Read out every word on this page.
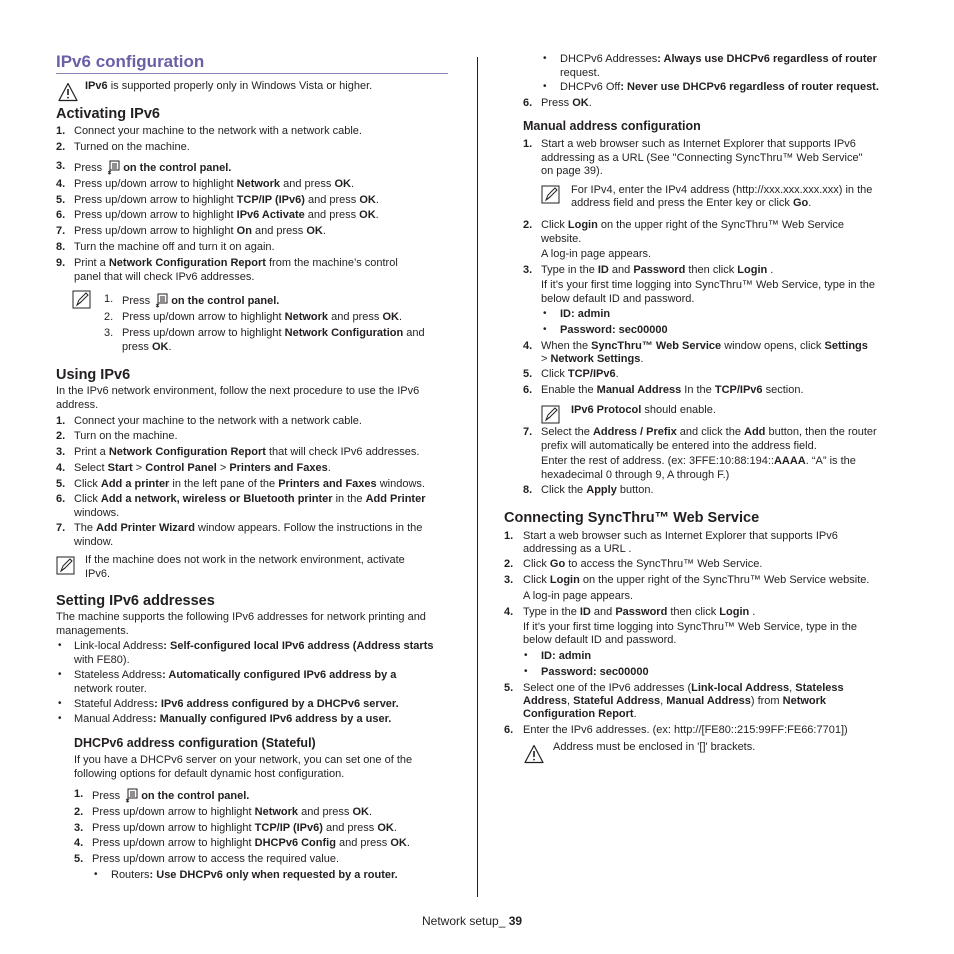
IPv6 configuration
IPv6 is supported properly only in Windows Vista or higher.
Activating IPv6
1. Connect your machine to the network with a network cable.
2. Turned on the machine.
3. Press on the control panel.
4. Press up/down arrow to highlight Network and press OK.
5. Press up/down arrow to highlight TCP/IP (IPv6) and press OK.
6. Press up/down arrow to highlight IPv6 Activate and press OK.
7. Press up/down arrow to highlight On and press OK.
8. Turn the machine off and turn it on again.
9. Print a Network Configuration Report from the machine’s control
panel that will check IPv6 addresses.
1. Press on the control panel.
2. Press up/down arrow to highlight Network and press OK.
3. Press up/down arrow to highlight Network Configuration and
press OK.
Using IPv6
In the IPv6 network environment, follow the next procedure to use the IPv6
address.
1. Connect your machine to the network with a network cable.
2. Turn on the machine.
3. Print a Network Configuration Report that will check IPv6 addresses.
4. Select Start > Control Panel > Printers and Faxes.
5. Click Add a printer in the left pane of the Printers and Faxes windows.
6. Click Add a network, wireless or Bluetooth printer in the Add Printer
windows.
7. The Add Printer Wizard window appears. Follow the instructions in the
window.
If the machine does not work in the network environment, activate
IPv6.
Setting IPv6 addresses
The machine supports the following IPv6 addresses for network printing and
managements.
• Link-local Address: Self-configured local IPv6 address (Address starts
with FE80).
• Stateless Address: Automatically configured IPv6 address by a
network router.
• Stateful Address: IPv6 address configured by a DHCPv6 server.
• Manual Address: Manually configured IPv6 address by a user.
DHCPv6 address configuration (Stateful)
If you have a DHCPv6 server on your network, you can set one of the
following options for default dynamic host configuration.
1. Press on the control panel.
2. Press up/down arrow to highlight Network and press OK.
3. Press up/down arrow to highlight TCP/IP (IPv6) and press OK.
4. Press up/down arrow to highlight DHCPv6 Config and press OK.
5. Press up/down arrow to access the required value.
• Routers: Use DHCPv6 only when requested by a router.
• DHCPv6 Addresses: Always use DHCPv6 regardless of router
request.
• DHCPv6 Off: Never use DHCPv6 regardless of router request.
6. Press OK.
Manual address configuration
1. Start a web browser such as Internet Explorer that supports IPv6
addressing as a URL (See "Connecting SyncThru™ Web Service"
on page 39).
For IPv4, enter the IPv4 address (http://xxx.xxx.xxx.xxx) in the
address field and press the Enter key or click Go.
2. Click Login on the upper right of the SyncThru™ Web Service
website.
A log-in page appears.
3. Type in the ID and Password then click Login .
If it’s your first time logging into SyncThru™ Web Service, type in the
below default ID and password.
• ID: admin
• Password: sec00000
4. When the SyncThru™ Web Service window opens, click Settings
> Network Settings.
5. Click TCP/IPv6.
6. Enable the Manual Address In the TCP/IPv6 section.
IPv6 Protocol should enable.
7. Select the Address / Prefix and click the Add button, then the router
prefix will automatically be entered into the address field.
Enter the rest of address. (ex: 3FFE:10:88:194::AAAA. “A” is the
hexadecimal 0 through 9, A through F.)
8. Click the Apply button.
Connecting SyncThru™ Web Service
1. Start a web browser such as Internet Explorer that supports IPv6
addressing as a URL .
2. Click Go to access the SyncThru™ Web Service.
3. Click Login on the upper right of the SyncThru™ Web Service website.
A log-in page appears.
4. Type in the ID and Password then click Login .
If it’s your first time logging into SyncThru™ Web Service, type in the
below default ID and password.
• ID: admin
• Password: sec00000
5. Select one of the IPv6 addresses (Link-local Address, Stateless
Address, Stateful Address, Manual Address) from Network
Configuration Report.
6. Enter the IPv6 addresses. (ex: http://[FE80::215:99FF:FE66:7701])
Address must be enclosed in '[]' brackets.
Network setup_ 39
